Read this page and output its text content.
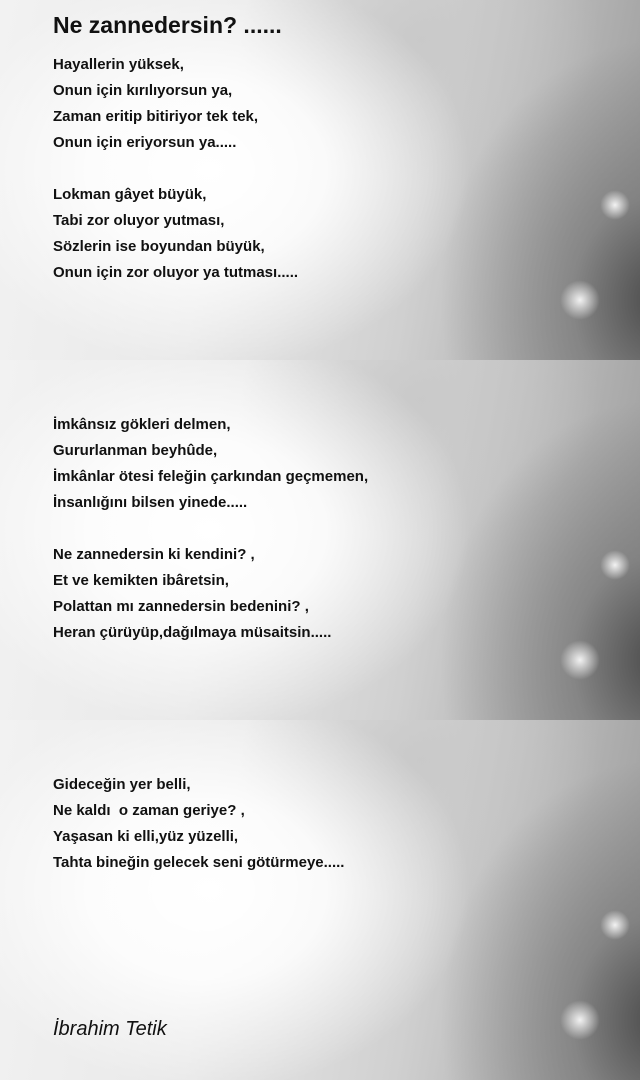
Ne zannedersin? ......

Hayallerin yüksek,
Onun için kırılıyorsun ya,
Zaman eritip bitiriyor tek tek,
Onun için eriyorsun ya.....

Lokman gâyet büyük,
Tabi zor oluyor yutması,
Sözlerin ise boyundan büyük,
Onun için zor oluyor ya tutması.....

İmkânsız gökleri delmen,
Gururlanman beyhûde,
İmkânlar ötesi feleğin çarkından geçmemen,
İnsanlığını bilsen yinede.....

Ne zannedersin ki kendini? ,
Et ve kemikten ibâretsin,
Polattan mı zannedersin bedenini? ,
Heran çürüyüp,dağılmaya müsaitsin.....

Gideceğin yer belli,
Ne kaldı  o zaman geriye? ,
Yaşasan ki elli,yüz yüzelli,
Tahta bineğin gelecek seni götürmeye.....

İbrahim Tetik
